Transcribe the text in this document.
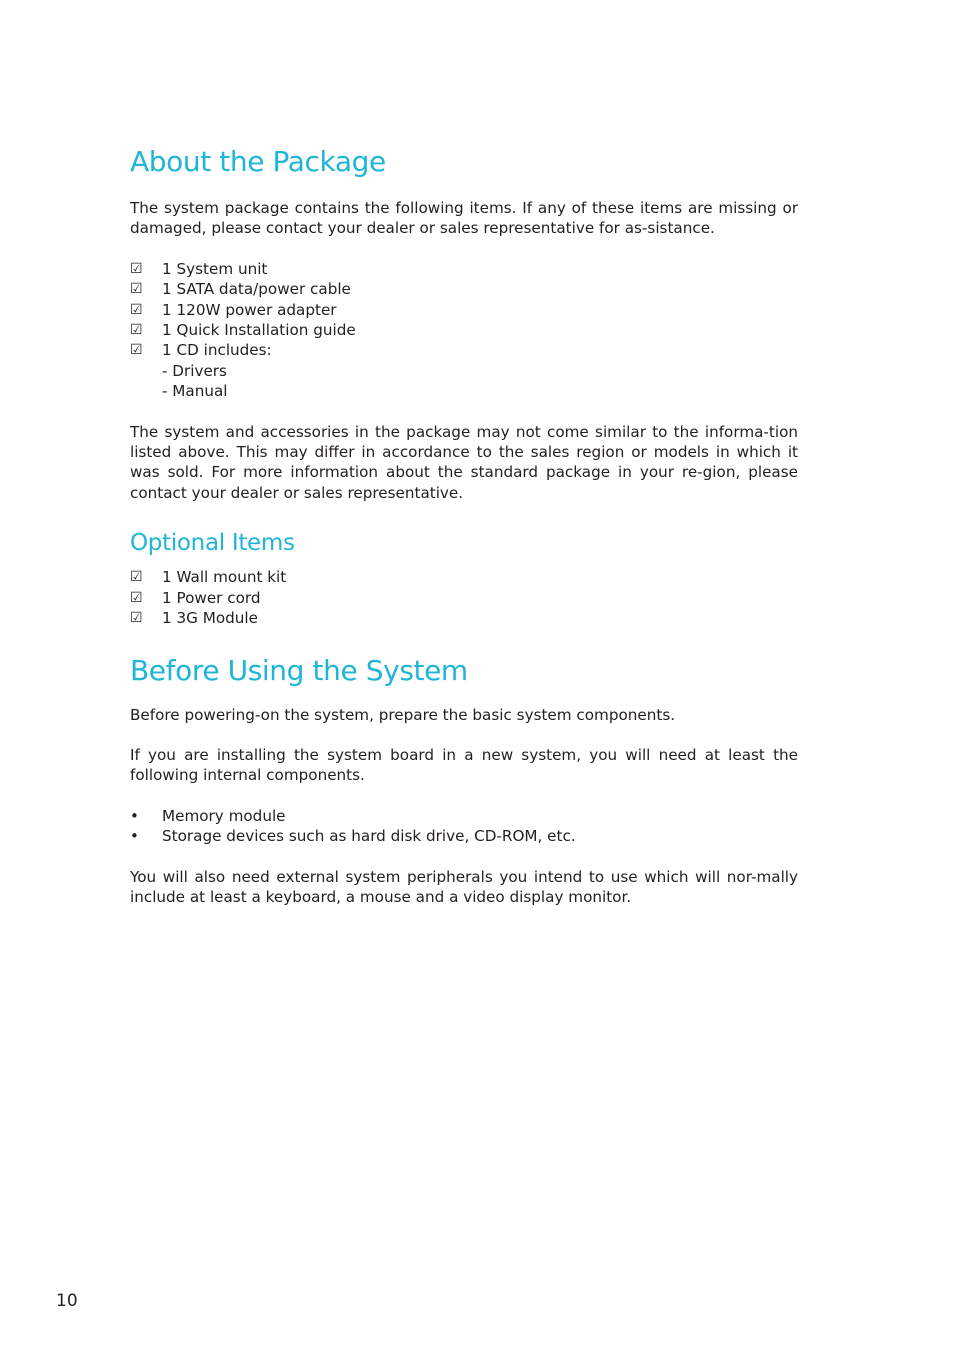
About the Package

The system package contains the following items. If any of these items are missing or damaged, please contact your dealer or sales representative for as-sistance.

☑	1 System unit
☑	1 SATA data/power cable
☑	1 120W power adapter
☑	1 Quick Installation guide
☑	1 CD includes:
- Drivers
- Manual

The system and accessories in the package may not come similar to the informa-tion listed above. This may differ in accordance to the sales region or models in which it was sold. For more information about the standard package in your re-gion, please contact your dealer or sales representative.

Optional Items
☑	1 Wall mount kit
☑	1 Power cord
☑	1 3G Module
Before Using the System

Before powering-on the system, prepare the basic system components.

If you are installing the system board in a new system, you will need at least the following internal components.

•	Memory module
•	Storage devices such as hard disk drive, CD-ROM, etc.

You will also need external system peripherals you intend to use which will nor-mally include at least a keyboard, a mouse and a video display monitor.

10
